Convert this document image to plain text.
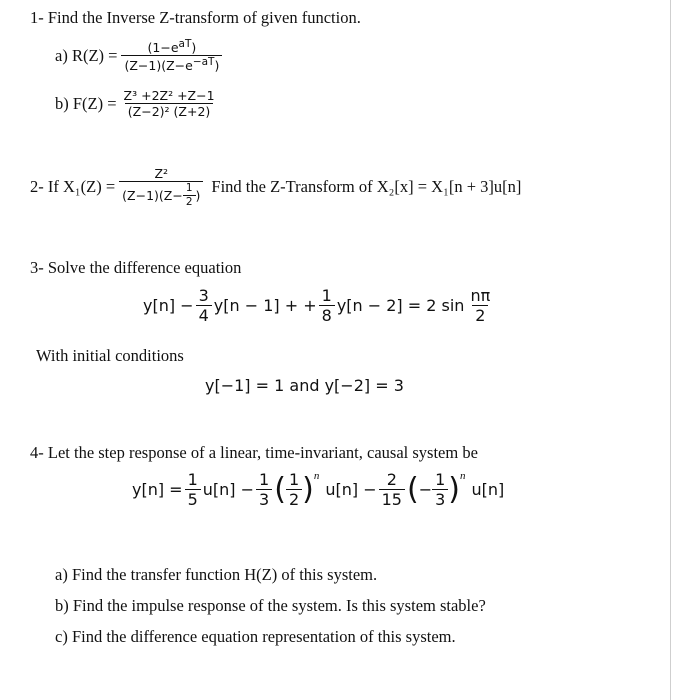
1- Find the Inverse Z-transform of given function.
a) $R(Z) = \frac{(1-e^{aT})}{(Z-1)(Z-e^{-aT})}$
b) $F(Z) = \frac{\text{Z³ +2Z² +Z−1}}{\text{(Z−2)² (Z+2)}}$
2- If $X_1(Z) = \frac{\text{Z²}}{(Z-1) (Z- \frac{1}{2} )}$ Find the Z-Transform of X₂[x] = X₁[n + 3]u[n]
3- Solve the difference equation
$y[n] - \frac{3}{4} y[n - 1]$ + + $\frac{1}{8} y[n - 2] = 2$ $\sin \frac{n\pi}{2}$
With initial conditions
y[−1] = 1 and y[−2] = 3
4- Let the step response of a linear, time-invariant, causal system be
$y[n] = \frac{1}{5} u[n] - \frac{1}{3}$ ( $\frac{1}{2}$ ) n
$u[n] - \frac{2}{15}$ ( − $\frac{1}{3}$ ) n
u[n]
a) Find the transfer function H(Z) of this system.
b) Find the impulse response of the system. Is this system stable?
c) Find the difference equation representation of this system.
